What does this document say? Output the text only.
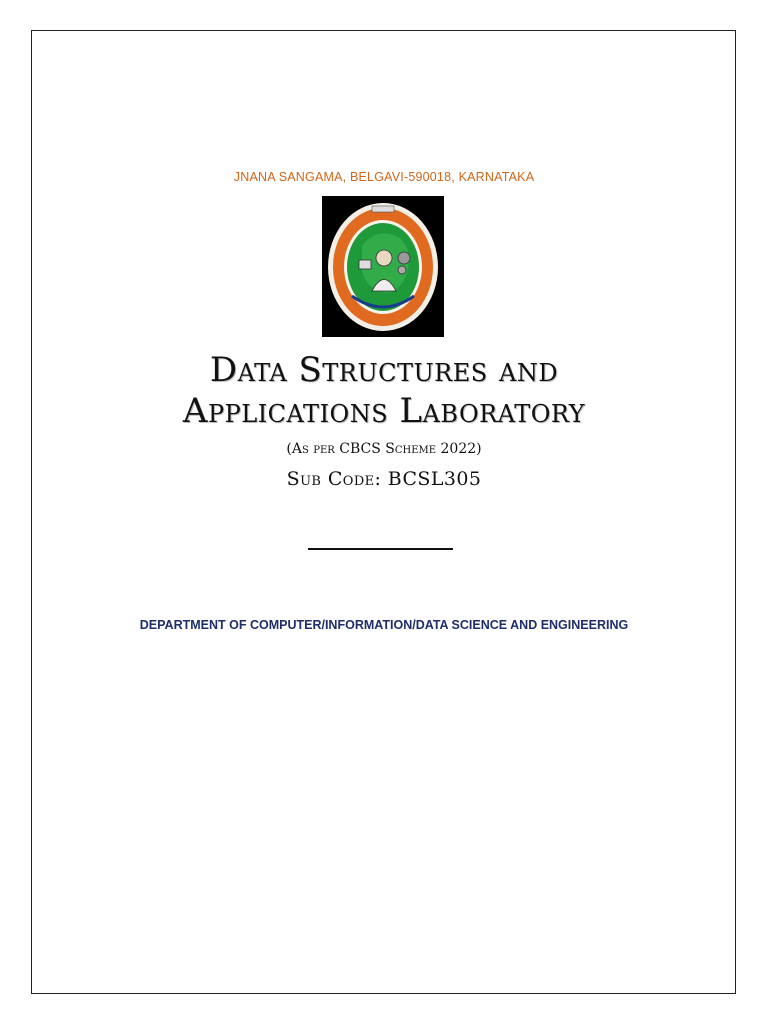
JNANA SANGAMA, BELGAVI-590018, KARNATAKA
Data Structures and
Applications Laboratory
(As per CBCS Scheme 2022)
Sub Code: BCSL305
DEPARTMENT OF COMPUTER/INFORMATION/DATA SCIENCE AND ENGINEERING
